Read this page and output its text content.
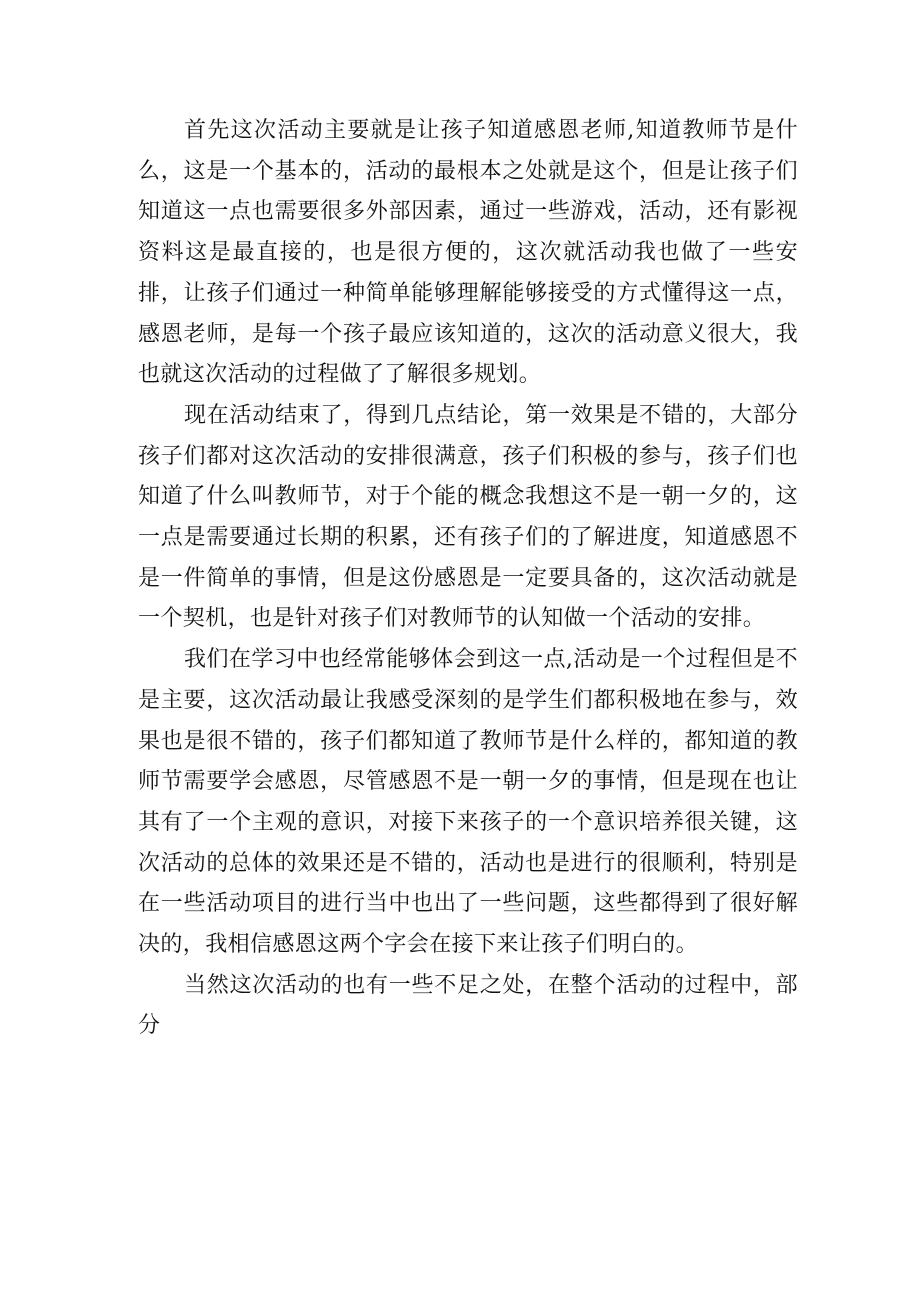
首先这次活动主要就是让孩子知道感恩老师,知道教师节是什么，这是一个基本的，活动的最根本之处就是这个，但是让孩子们知道这一点也需要很多外部因素，通过一些游戏，活动，还有影视资料这是最直接的，也是很方便的，这次就活动我也做了一些安排，让孩子们通过一种简单能够理解能够接受的方式懂得这一点，感恩老师，是每一个孩子最应该知道的，这次的活动意义很大，我也就这次活动的过程做了了解很多规划。

现在活动结束了，得到几点结论，第一效果是不错的，大部分孩子们都对这次活动的安排很满意，孩子们积极的参与，孩子们也知道了什么叫教师节，对于个能的概念我想这不是一朝一夕的，这一点是需要通过长期的积累，还有孩子们的了解进度，知道感恩不是一件简单的事情，但是这份感恩是一定要具备的，这次活动就是一个契机，也是针对孩子们对教师节的认知做一个活动的安排。

我们在学习中也经常能够体会到这一点,活动是一个过程但是不是主要，这次活动最让我感受深刻的是学生们都积极地在参与，效果也是很不错的，孩子们都知道了教师节是什么样的，都知道的教师节需要学会感恩，尽管感恩不是一朝一夕的事情，但是现在也让其有了一个主观的意识，对接下来孩子的一个意识培养很关键，这次活动的总体的效果还是不错的，活动也是进行的很顺利，特别是在一些活动项目的进行当中也出了一些问题，这些都得到了很好解决的，我相信感恩这两个字会在接下来让孩子们明白的。

当然这次活动的也有一些不足之处，在整个活动的过程中，部分
